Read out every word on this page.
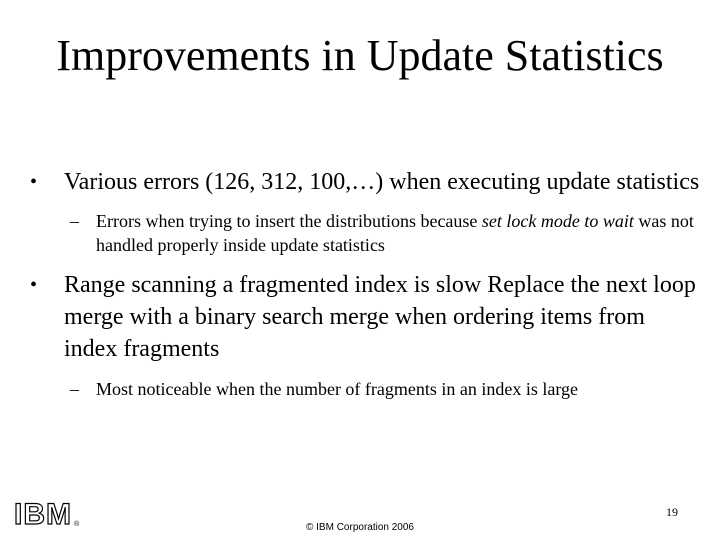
Improvements in Update Statistics
• Various errors (126, 312, 100,…) when executing update statistics
– Errors when trying to insert the distributions because set lock mode to wait was not handled properly inside update statistics
• Range scanning a fragmented index is slow Replace the next loop merge with a binary search merge when ordering items from index fragments
– Most noticeable when the number of fragments in an index is large
IBM ®
19
© IBM Corporation 2006
